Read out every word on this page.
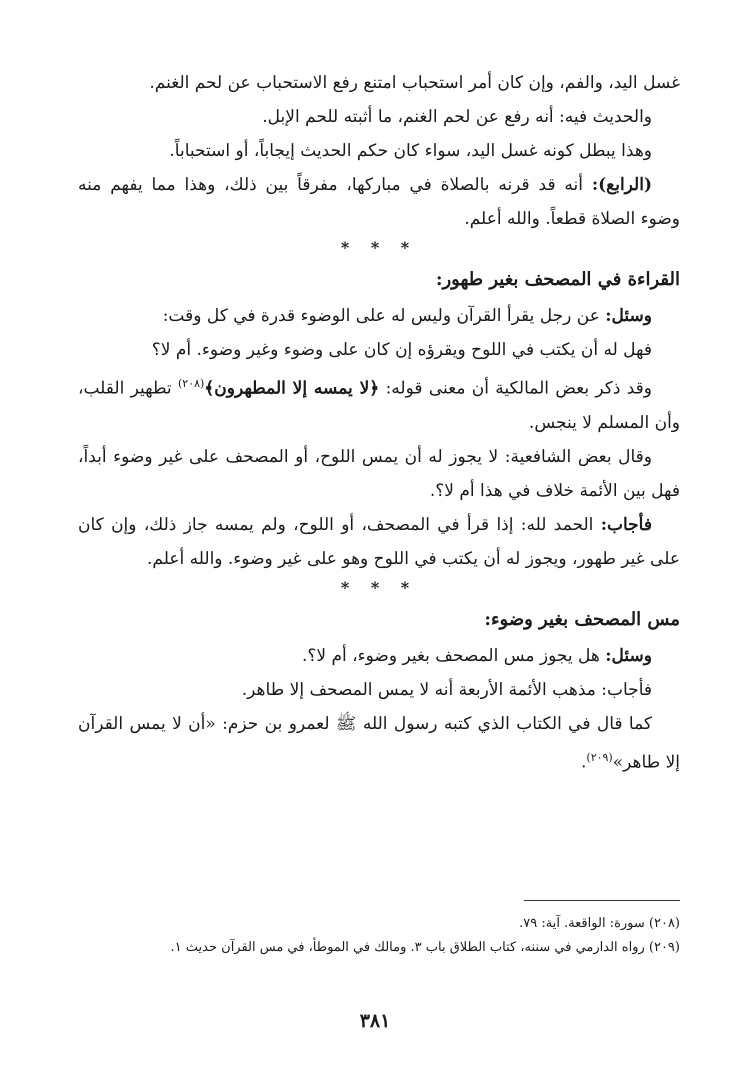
غسل اليد، والفم، وإن كان أمر استحباب امتنع رفع الاستحباب عن لحم الغنم.

والحديث فيه: أنه رفع عن لحم الغنم، ما أثبته للحم الإبل.

وهذا يبطل كونه غسل اليد، سواء كان حكم الحديث إيجاباً، أو استحباباً.

(الرابع): أنه قد قرنه بالصلاة في مباركها، مفرقاً بين ذلك، وهذا مما يفهم منه وضوء الصلاة قطعاً. والله أعلم.

* * *
القراءة في المصحف بغير طهور:

وسئل: عن رجل يقرأ القرآن وليس له على الوضوء قدرة في كل وقت:

فهل له أن يكتب في اللوح ويقرؤه إن كان على وضوء وغير وضوء. أم لا؟

وقد ذكر بعض المالكية أن معنى قوله: ﴿لا يمسه إلا المطهرون﴾$^{(٢٠٨)}$ تطهير القلب، وأن المسلم لا ينجس.

وقال بعض الشافعية: لا يجوز له أن يمس اللوح، أو المصحف على غير وضوء أبداً، فهل بين الأئمة خلاف في هذا أم لا؟.

فأجاب: الحمد لله: إذا قرأ في المصحف، أو اللوح، ولم يمسه جاز ذلك، وإن كان على غير طهور، ويجوز له أن يكتب في اللوح وهو على غير وضوء. والله أعلم.

* * *
مس المصحف بغير وضوء:

وسئل: هل يجوز مس المصحف بغير وضوء، أم لا؟.

فأجاب: مذهب الأئمة الأربعة أنه لا يمس المصحف إلا طاهر.

كما قال في الكتاب الذي كتبه رسول الله ﷺ لعمرو بن حزم: «أن لا يمس القرآن إلا طاهر»$^{(٢٠٩)}$.

(٢٠٨) سورة: الواقعة. آية: ٧٩.

(٢٠٩) رواه الدارمي في سننه، كتاب الطلاق باب ٣. ومالك في الموطأ، في مس القرآن حديث ١.

٣٨١
